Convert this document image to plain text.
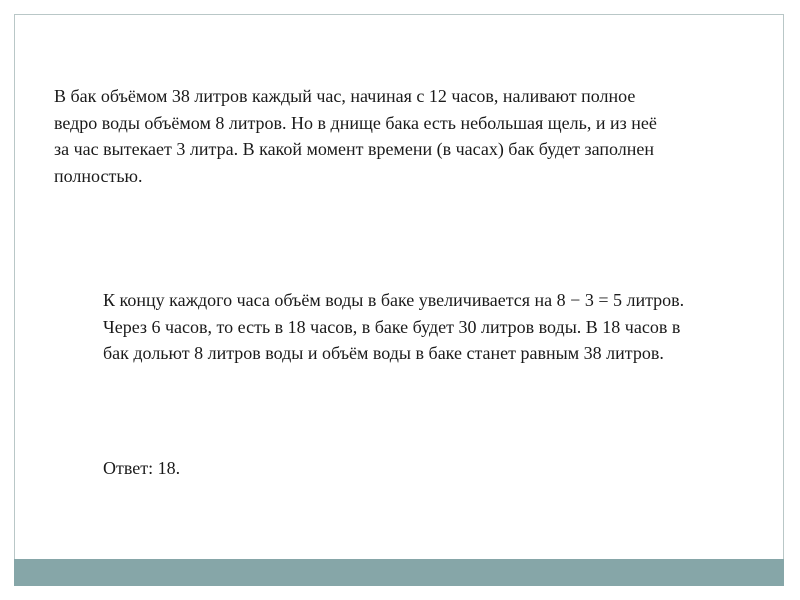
В бак объёмом 38 литров каждый час, начиная с 12 часов, наливают полное ведро воды объёмом 8 литров. Но в днище бака есть небольшая щель, и из неё за час вытекает 3 литра. В какой момент времени (в часах) бак будет заполнен полностью.

К концу каждого часа объём воды в баке увеличивается на 8 − 3 = 5 литров. Через 6 часов, то есть в 18 часов, в баке будет 30 литров воды. В 18 часов в бак дольют 8 литров воды и объём воды в баке станет равным 38 литров.

Ответ: 18.
